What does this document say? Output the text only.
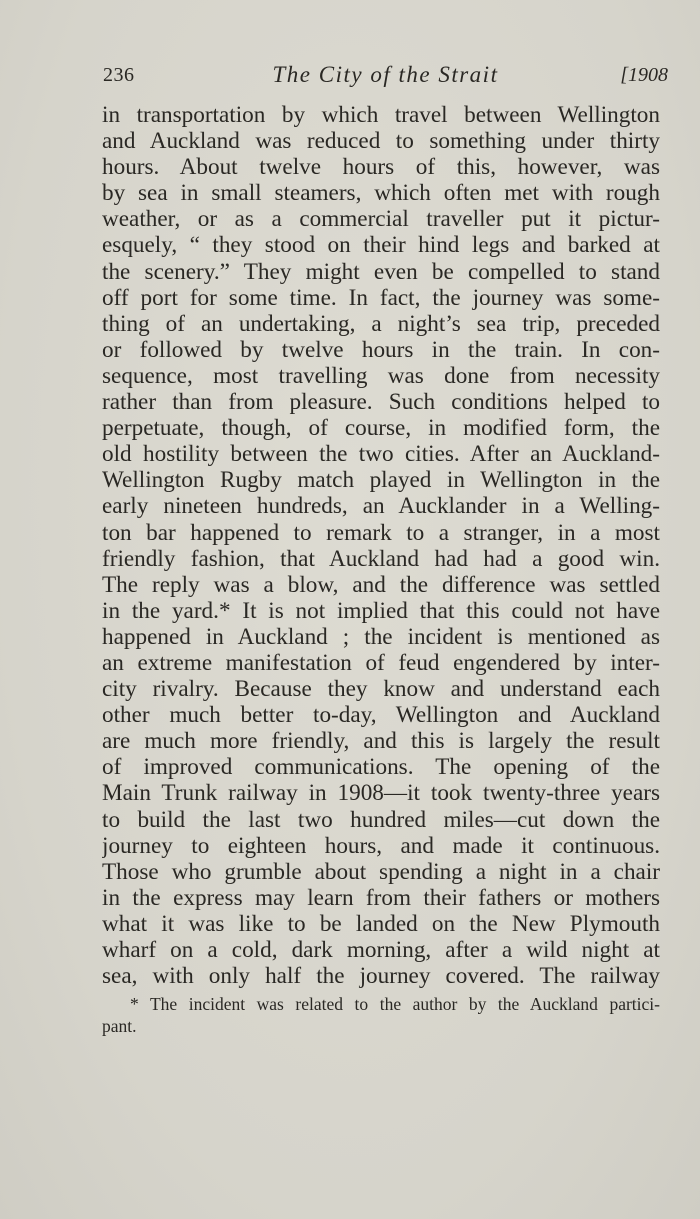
236	The City of the Strait	[1908
in transportation by which travel between Wellington
and Auckland was reduced to something under thirty
hours. About twelve hours of this, however, was
by sea in small steamers, which often met with rough
weather, or as a commercial traveller put it pictur-
esquely, “ they stood on their hind legs and barked at
the scenery.” They might even be compelled to stand
off port for some time. In fact, the journey was some-
thing of an undertaking, a night’s sea trip, preceded
or followed by twelve hours in the train. In con-
sequence, most travelling was done from necessity
rather than from pleasure. Such conditions helped to
perpetuate, though, of course, in modified form, the
old hostility between the two cities. After an Auckland-
Wellington Rugby match played in Wellington in the
early nineteen hundreds, an Aucklander in a Welling-
ton bar happened to remark to a stranger, in a most
friendly fashion, that Auckland had had a good win.
The reply was a blow, and the difference was settled
in the yard.* It is not implied that this could not have
happened in Auckland ; the incident is mentioned as
an extreme manifestation of feud engendered by inter-
city rivalry. Because they know and understand each
other much better to-day, Wellington and Auckland
are much more friendly, and this is largely the result
of improved communications. The opening of the
Main Trunk railway in 1908—it took twenty-three years
to build the last two hundred miles—cut down the
journey to eighteen hours, and made it continuous.
Those who grumble about spending a night in a chair
in the express may learn from their fathers or mothers
what it was like to be landed on the New Plymouth
wharf on a cold, dark morning, after a wild night at
sea, with only half the journey covered. The railway
* The incident was related to the author by the Auckland partici-
pant.
